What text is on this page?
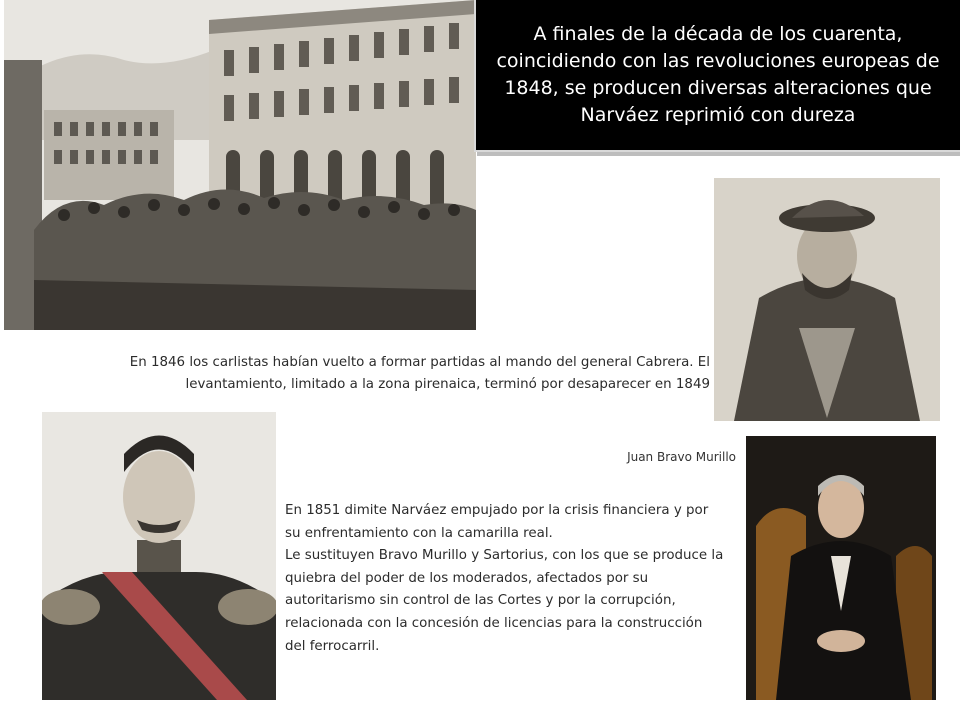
A finales de la década de los cuarenta, coincidiendo con las revoluciones europeas de 1848, se producen diversas alteraciones que Narváez reprimió con dureza

En 1846 los carlistas habían vuelto a formar partidas al mando del general Cabrera. El levantamiento, limitado a la zona pirenaica, terminó por desaparecer en 1849

Juan Bravo Murillo
En 1851 dimite Narváez empujado por la crisis financiera y por su enfrentamiento con la camarilla real.
Le sustituyen Bravo Murillo y Sartorius, con los que se produce la quiebra del poder de los moderados, afectados por su autoritarismo sin control de las Cortes y por la corrupción, relacionada con la concesión de licencias para la construcción del ferrocarril.
